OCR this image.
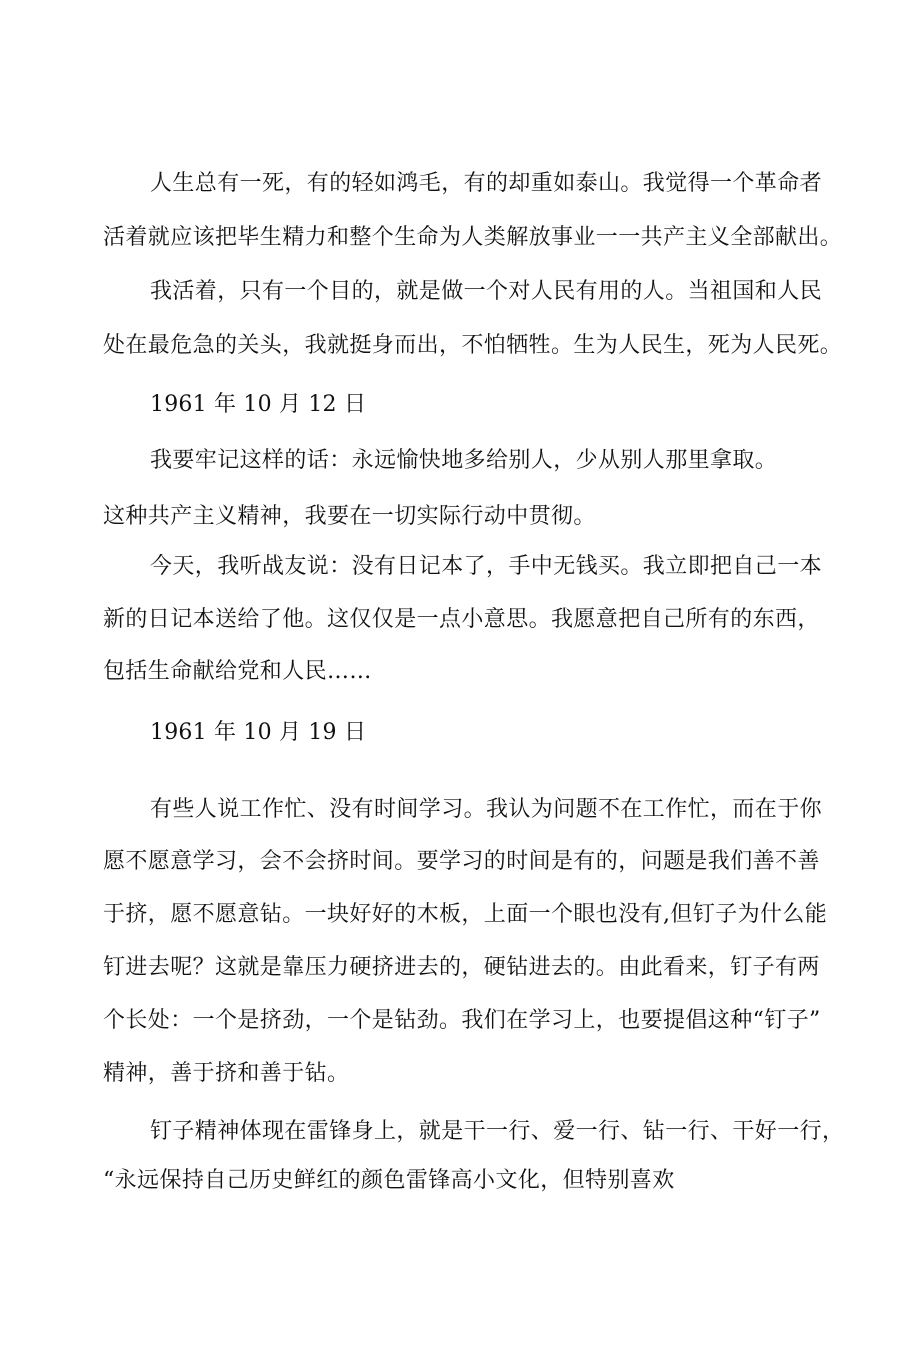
人生总有一死，有的轻如鸿毛，有的却重如泰山。我觉得一个革命者
活着就应该把毕生精力和整个生命为人类解放事业一一共产主义全部献出。
我活着，只有一个目的，就是做一个对人民有用的人。当祖国和人民
处在最危急的关头，我就挺身而出，不怕牺牲。生为人民生，死为人民死。
1961 年 10 月 12 日
我要牢记这样的话：永远愉快地多给别人，少从别人那里拿取。
这种共产主义精神，我要在一切实际行动中贯彻。
今天，我听战友说：没有日记本了，手中无钱买。我立即把自己一本
新的日记本送给了他。这仅仅是一点小意思。我愿意把自己所有的东西，
包括生命献给党和人民……
1961 年 10 月 19 日
有些人说工作忙、没有时间学习。我认为问题不在工作忙，而在于你
愿不愿意学习，会不会挤时间。要学习的时间是有的，问题是我们善不善
于挤，愿不愿意钻。一块好好的木板，上面一个眼也没有,但钉子为什么能
钉进去呢？这就是靠压力硬挤进去的，硬钻进去的。由此看来，钉子有两
个长处：一个是挤劲，一个是钻劲。我们在学习上，也要提倡这种“钉子”
精神，善于挤和善于钻。
钉子精神体现在雷锋身上，就是干一行、爱一行、钻一行、干好一行，
“永远保持自己历史鲜红的颜色雷锋高小文化，但特别喜欢
